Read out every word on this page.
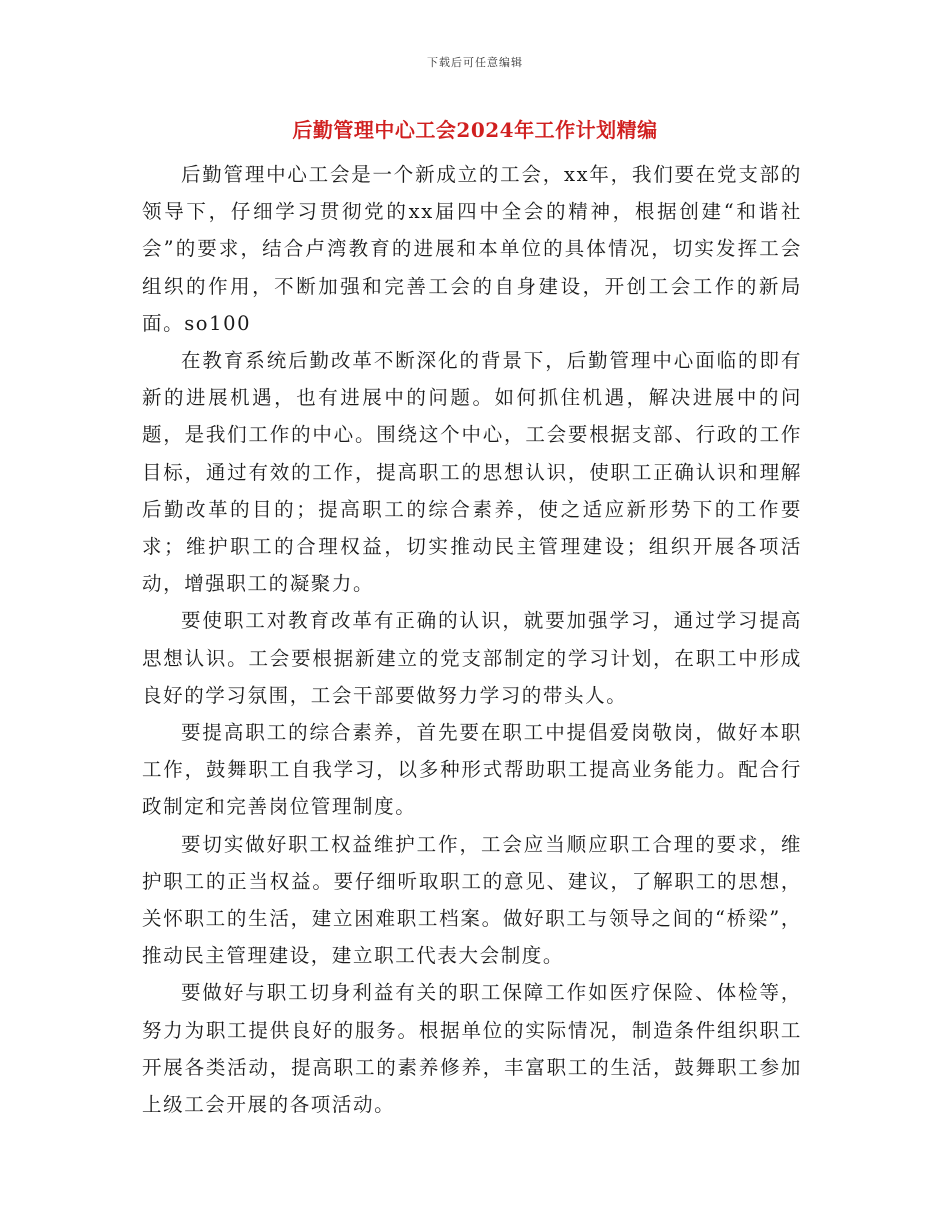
下载后可任意编辑
后勤管理中心工会2024年工作计划精编

后勤管理中心工会是一个新成立的工会，xx年，我们要在党支部的领导下，仔细学习贯彻党的xx届四中全会的精神，根据创建“和谐社会”的要求，结合卢湾教育的进展和本单位的具体情况，切实发挥工会组织的作用，不断加强和完善工会的自身建设，开创工会工作的新局面。so100

在教育系统后勤改革不断深化的背景下，后勤管理中心面临的即有新的进展机遇，也有进展中的问题。如何抓住机遇，解决进展中的问题，是我们工作的中心。围绕这个中心，工会要根据支部、行政的工作目标，通过有效的工作，提高职工的思想认识，使职工正确认识和理解后勤改革的目的；提高职工的综合素养，使之适应新形势下的工作要求；维护职工的合理权益，切实推动民主管理建设；组织开展各项活动，增强职工的凝聚力。

要使职工对教育改革有正确的认识，就要加强学习，通过学习提高思想认识。工会要根据新建立的党支部制定的学习计划，在职工中形成良好的学习氛围，工会干部要做努力学习的带头人。

要提高职工的综合素养，首先要在职工中提倡爱岗敬岗，做好本职工作，鼓舞职工自我学习，以多种形式帮助职工提高业务能力。配合行政制定和完善岗位管理制度。

要切实做好职工权益维护工作，工会应当顺应职工合理的要求，维护职工的正当权益。要仔细听取职工的意见、建议，了解职工的思想，关怀职工的生活，建立困难职工档案。做好职工与领导之间的“桥梁”，推动民主管理建设，建立职工代表大会制度。

要做好与职工切身利益有关的职工保障工作如医疗保险、体检等，努力为职工提供良好的服务。根据单位的实际情况，制造条件组织职工开展各类活动，提高职工的素养修养，丰富职工的生活，鼓舞职工参加上级工会开展的各项活动。
